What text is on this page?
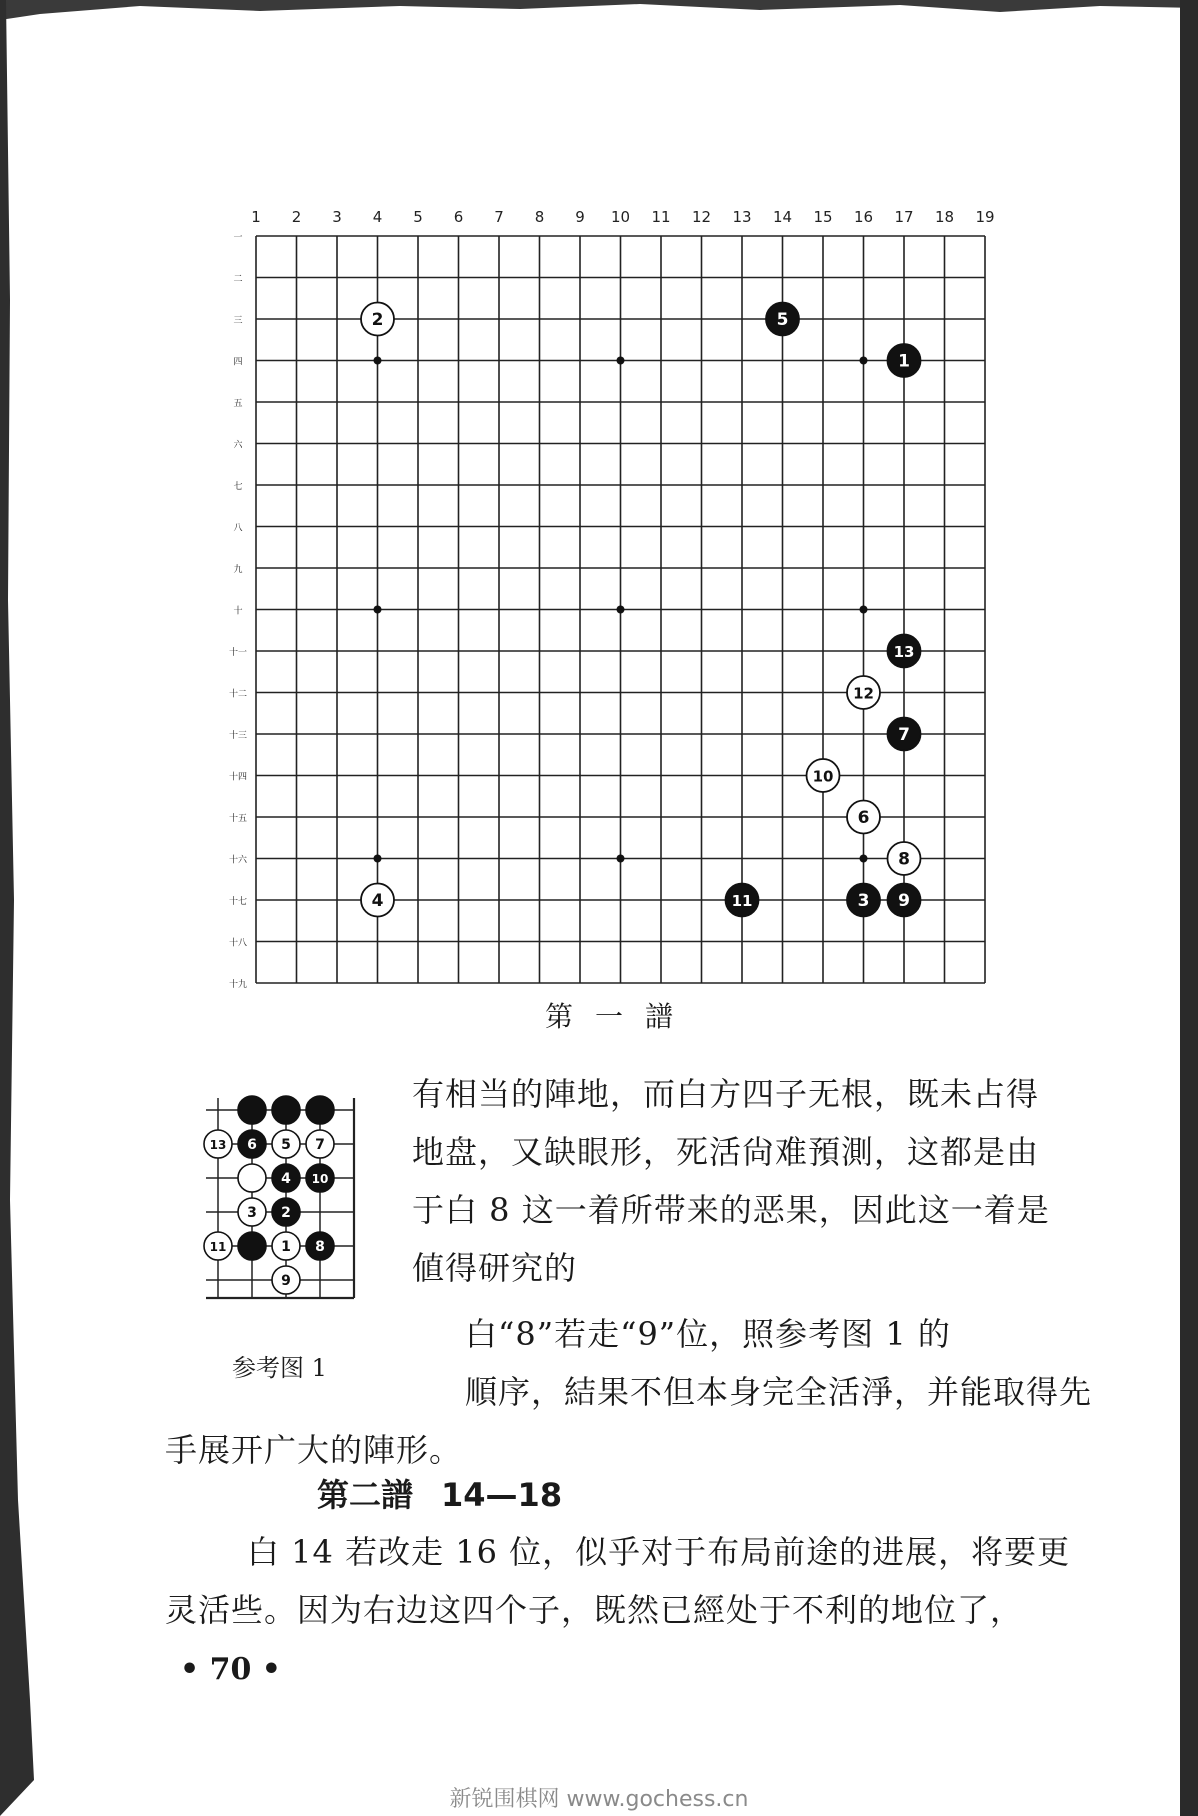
1 2 3 4 5 6 7 8 9 10 11 12 13 14 15 16 17 18 19
一
二
三
四
五
六
七
八
九
十
十一
十二
十三
十四
十五
十六
十七
十八
十九
1
2
3
4
5
6
7
8
9
10
11
12
13
第一譜
13 6 5 7
4 10
3 2
11	1 8
9
参考图 1
有相当的陣地，而白方四子无根，既未占得
地盘，又缺眼形，死活尙难預測，这都是由
于白 8 这一着所带来的恶果，因此这一着是
値得研究的
白“8”若走“9”位，照参考图 1 的
順序，結果不但本身完全活淨，并能取得先
手展开广大的陣形。
第二譜 14—18
白 14 若改走 16 位，似乎对于布局前途的进展，将要更
灵活些。因为右边这四个子，既然已經处于不利的地位了，
• 70 •
新锐围棋网 www.gochess.cn
